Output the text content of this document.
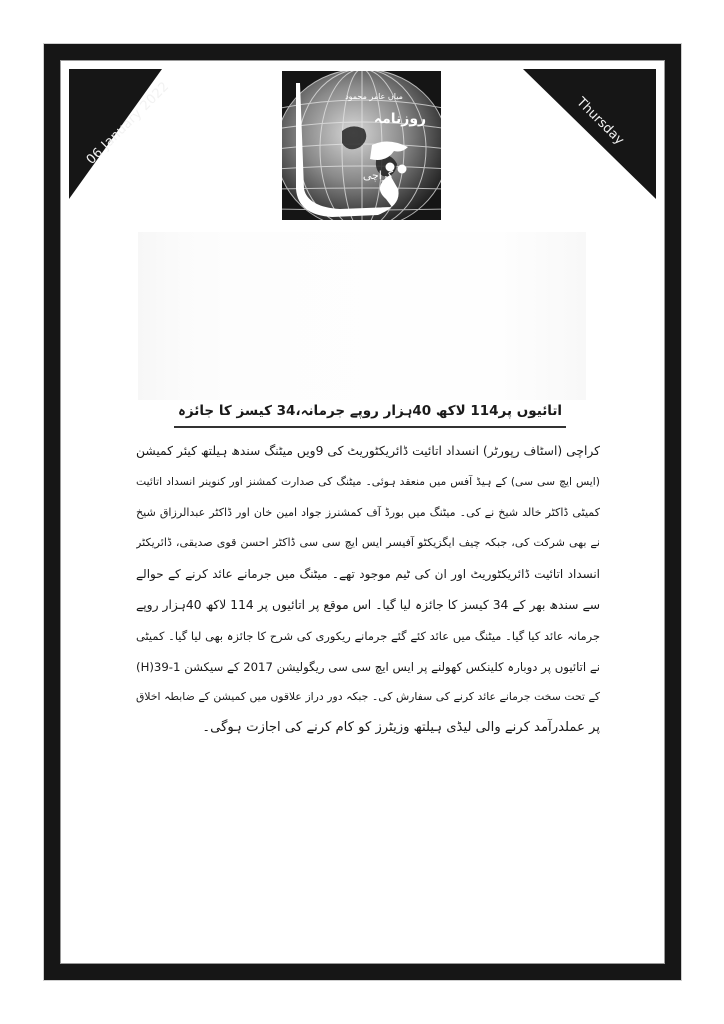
06 January 2022	Thursday
روزنامہ
میاں عامر محمود
کراچی
اتائیوں پر114 لاکھ 40ہزار روپے جرمانہ،34 کیسز کا جائزہ
کراچی (اسٹاف رپورٹر) انسداد اتائیت ڈائریکٹوریٹ کی 9ویں میٹنگ سندھ ہیلتھ کیئر کمیشن
(ایس ایچ سی سی) کے ہیڈ آفس میں منعقد ہوئی۔ میٹنگ کی صدارت کمشنز اور کنوینر انسداد اتائیت
کمیٹی ڈاکٹر خالد شیخ نے کی۔ میٹنگ میں بورڈ آف کمشنرز جواد امین خان اور ڈاکٹر عبدالرزاق شیخ
نے بھی شرکت کی، جبکہ چیف ایگزیکٹو آفیسر ایس ایچ سی سی ڈاکٹر احسن قوی صدیقی، ڈائریکٹر
انسداد اتائیت ڈائریکٹوریٹ اور ان کی ٹیم موجود تھے۔ میٹنگ میں جرمانے عائد کرنے کے حوالے
سے سندھ بھر کے 34 کیسز کا جائزہ لیا گیا۔ اس موقع پر اتائیوں پر 114 لاکھ 40ہزار روپے
جرمانہ عائد کیا گیا۔ میٹنگ میں عائد کئے گئے جرمانے ریکوری کی شرح کا جائزہ بھی لیا گیا۔ کمیٹی
نے اتائیوں پر دوبارہ کلینکس کھولنے پر ایس ایچ سی سی ریگولیشن 2017 کے سیکشن 1-39(H)
کے تحت سخت جرمانے عائد کرنے کی سفارش کی۔ جبکہ دور دراز علاقوں میں کمیشن کے ضابطہ اخلاق
پر عملدرآمد کرنے والی لیڈی ہیلتھ وزیٹرز کو کام کرنے کی اجازت ہوگی۔
